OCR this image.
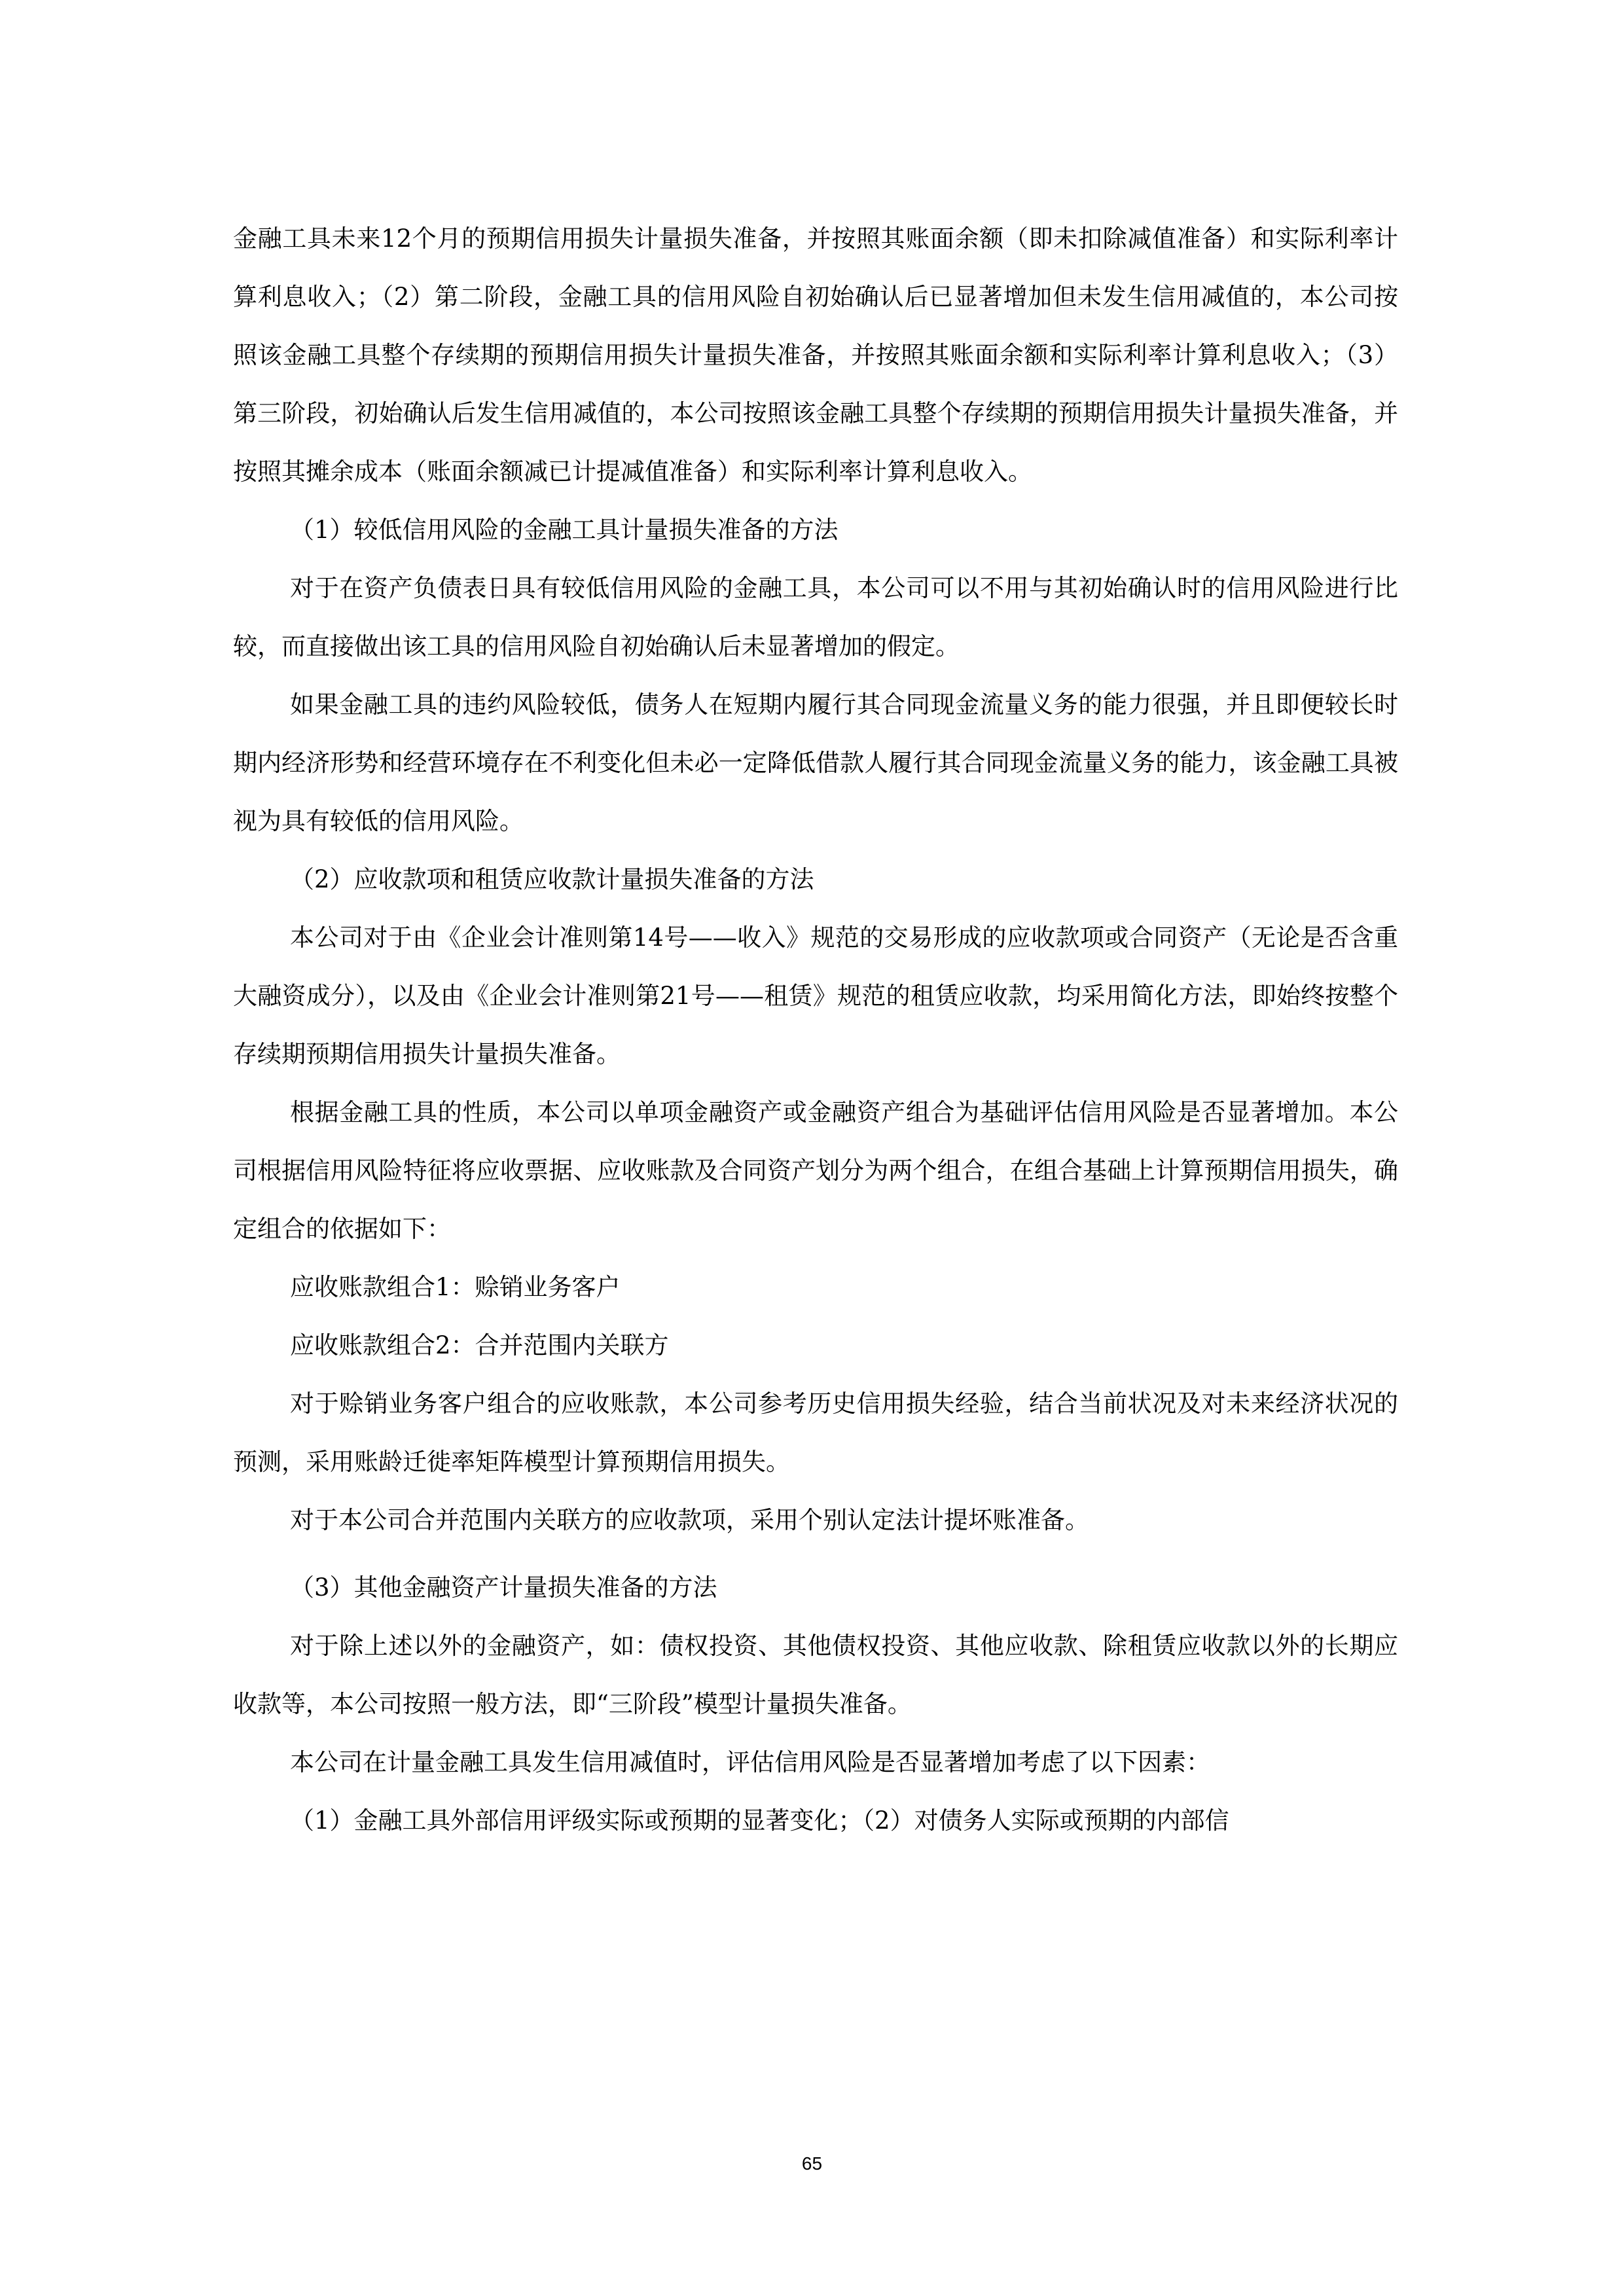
金融工具未来12个月的预期信用损失计量损失准备，并按照其账面余额（即未扣除减值准备）和实际利率计算利息收入；（2）第二阶段，金融工具的信用风险自初始确认后已显著增加但未发生信用减值的，本公司按照该金融工具整个存续期的预期信用损失计量损失准备，并按照其账面余额和实际利率计算利息收入；（3）第三阶段，初始确认后发生信用减值的，本公司按照该金融工具整个存续期的预期信用损失计量损失准备，并按照其摊余成本（账面余额减已计提减值准备）和实际利率计算利息收入。

（1）较低信用风险的金融工具计量损失准备的方法

对于在资产负债表日具有较低信用风险的金融工具，本公司可以不用与其初始确认时的信用风险进行比较，而直接做出该工具的信用风险自初始确认后未显著增加的假定。

如果金融工具的违约风险较低，债务人在短期内履行其合同现金流量义务的能力很强，并且即便较长时期内经济形势和经营环境存在不利变化但未必一定降低借款人履行其合同现金流量义务的能力，该金融工具被视为具有较低的信用风险。

（2）应收款项和租赁应收款计量损失准备的方法

本公司对于由《企业会计准则第14号——收入》规范的交易形成的应收款项或合同资产（无论是否含重大融资成分），以及由《企业会计准则第21号——租赁》规范的租赁应收款，均采用简化方法，即始终按整个存续期预期信用损失计量损失准备。

根据金融工具的性质，本公司以单项金融资产或金融资产组合为基础评估信用风险是否显著增加。本公司根据信用风险特征将应收票据、应收账款及合同资产划分为两个组合，在组合基础上计算预期信用损失，确定组合的依据如下：

应收账款组合1：赊销业务客户

应收账款组合2：合并范围内关联方

对于赊销业务客户组合的应收账款，本公司参考历史信用损失经验，结合当前状况及对未来经济状况的预测，采用账龄迁徙率矩阵模型计算预期信用损失。

对于本公司合并范围内关联方的应收款项，采用个别认定法计提坏账准备。

（3）其他金融资产计量损失准备的方法

对于除上述以外的金融资产，如：债权投资、其他债权投资、其他应收款、除租赁应收款以外的长期应收款等，本公司按照一般方法，即“三阶段”模型计量损失准备。

本公司在计量金融工具发生信用减值时，评估信用风险是否显著增加考虑了以下因素：

（1）金融工具外部信用评级实际或预期的显著变化；（2）对债务人实际或预期的内部信

65
